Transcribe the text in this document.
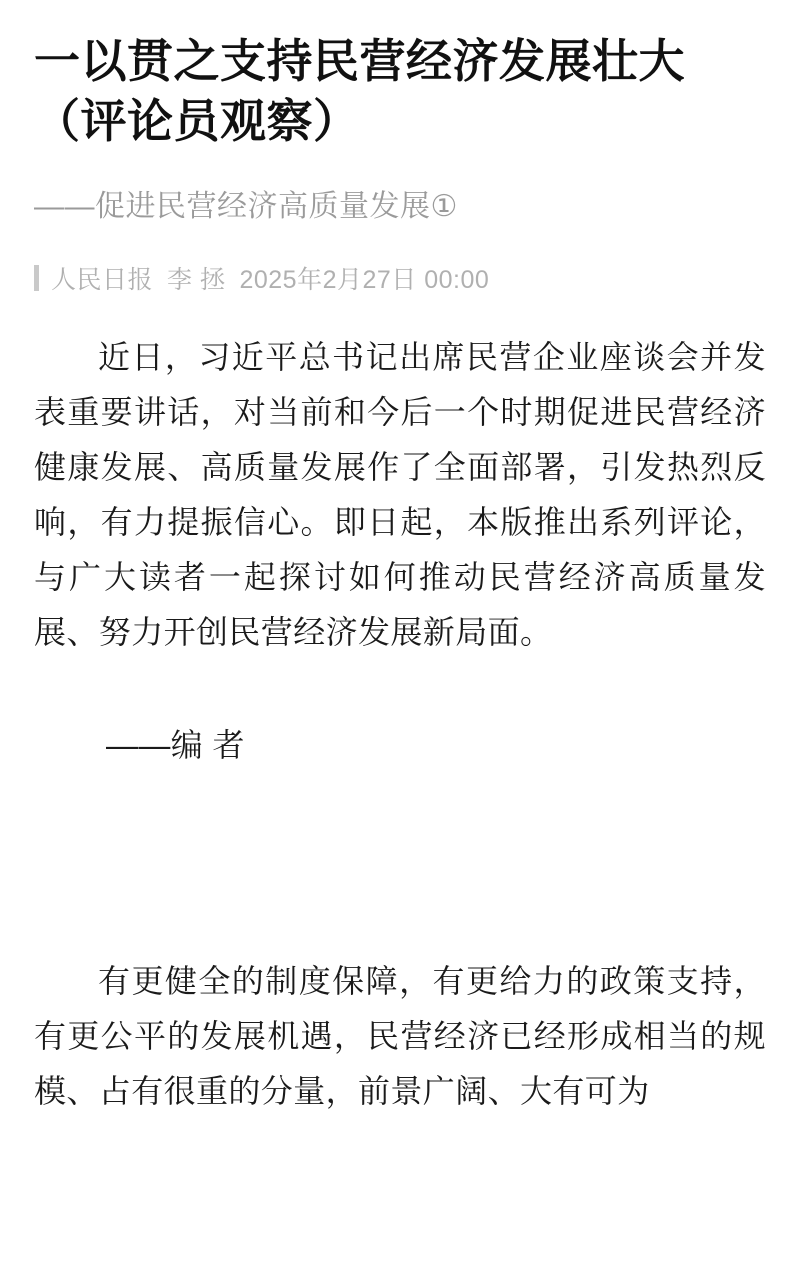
一以贯之支持民营经济发展壮大（评论员观察）
——促进民营经济高质量发展①
人民日报 李 拯 2025年2月27日 00:00

近日，习近平总书记出席民营企业座谈会并发表重要讲话，对当前和今后一个时期促进民营经济健康发展、高质量发展作了全面部署，引发热烈反响，有力提振信心。即日起，本版推出系列评论，与广大读者一起探讨如何推动民营经济高质量发展、努力开创民营经济发展新局面。

——编 者

有更健全的制度保障，有更给力的政策支持，有更公平的发展机遇，民营经济已经形成相当的规模、占有很重的分量，前景广阔、大有可为
